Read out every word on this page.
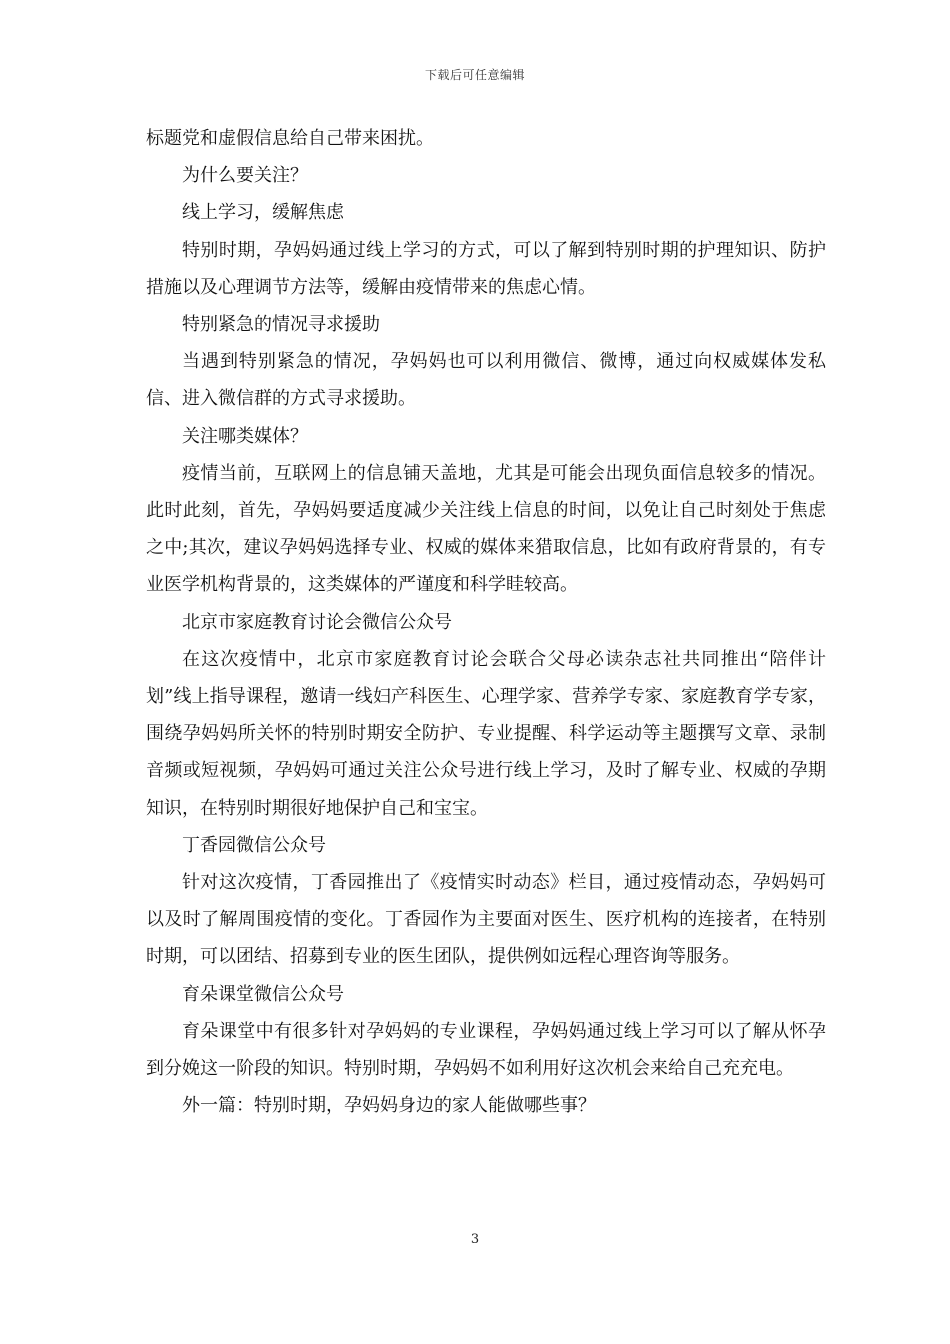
下载后可任意编辑

标题党和虚假信息给自己带来困扰。

为什么要关注？

线上学习，缓解焦虑

特别时期，孕妈妈通过线上学习的方式，可以了解到特别时期的护理知识、防护措施以及心理调节方法等，缓解由疫情带来的焦虑心情。

特别紧急的情况寻求援助

当遇到特别紧急的情况，孕妈妈也可以利用微信、微博，通过向权威媒体发私信、进入微信群的方式寻求援助。

关注哪类媒体？

疫情当前，互联网上的信息铺天盖地，尤其是可能会出现负面信息较多的情况。此时此刻，首先，孕妈妈要适度减少关注线上信息的时间，以免让自己时刻处于焦虑之中;其次，建议孕妈妈选择专业、权威的媒体来猎取信息，比如有政府背景的，有专业医学机构背景的，这类媒体的严谨度和科学眭较高。

北京市家庭教育讨论会微信公众号

在这次疫情中，北京市家庭教育讨论会联合父母必读杂志社共同推出“陪伴计划”线上指导课程，邀请一线妇产科医生、心理学家、营养学专家、家庭教育学专家，围绕孕妈妈所关怀的特别时期安全防护、专业提醒、科学运动等主题撰写文章、录制音频或短视频，孕妈妈可通过关注公众号进行线上学习，及时了解专业、权威的孕期知识，在特别时期很好地保护自己和宝宝。

丁香园微信公众号

针对这次疫情，丁香园推出了《疫情实时动态》栏目，通过疫情动态，孕妈妈可以及时了解周围疫情的变化。丁香园作为主要面对医生、医疗机构的连接者，在特别时期，可以团结、招募到专业的医生团队，提供例如远程心理咨询等服务。

育朵课堂微信公众号

育朵课堂中有很多针对孕妈妈的专业课程，孕妈妈通过线上学习可以了解从怀孕到分娩这一阶段的知识。特别时期，孕妈妈不如利用好这次机会来给自己充充电。

外一篇：特别时期，孕妈妈身边的家人能做哪些事？

3
